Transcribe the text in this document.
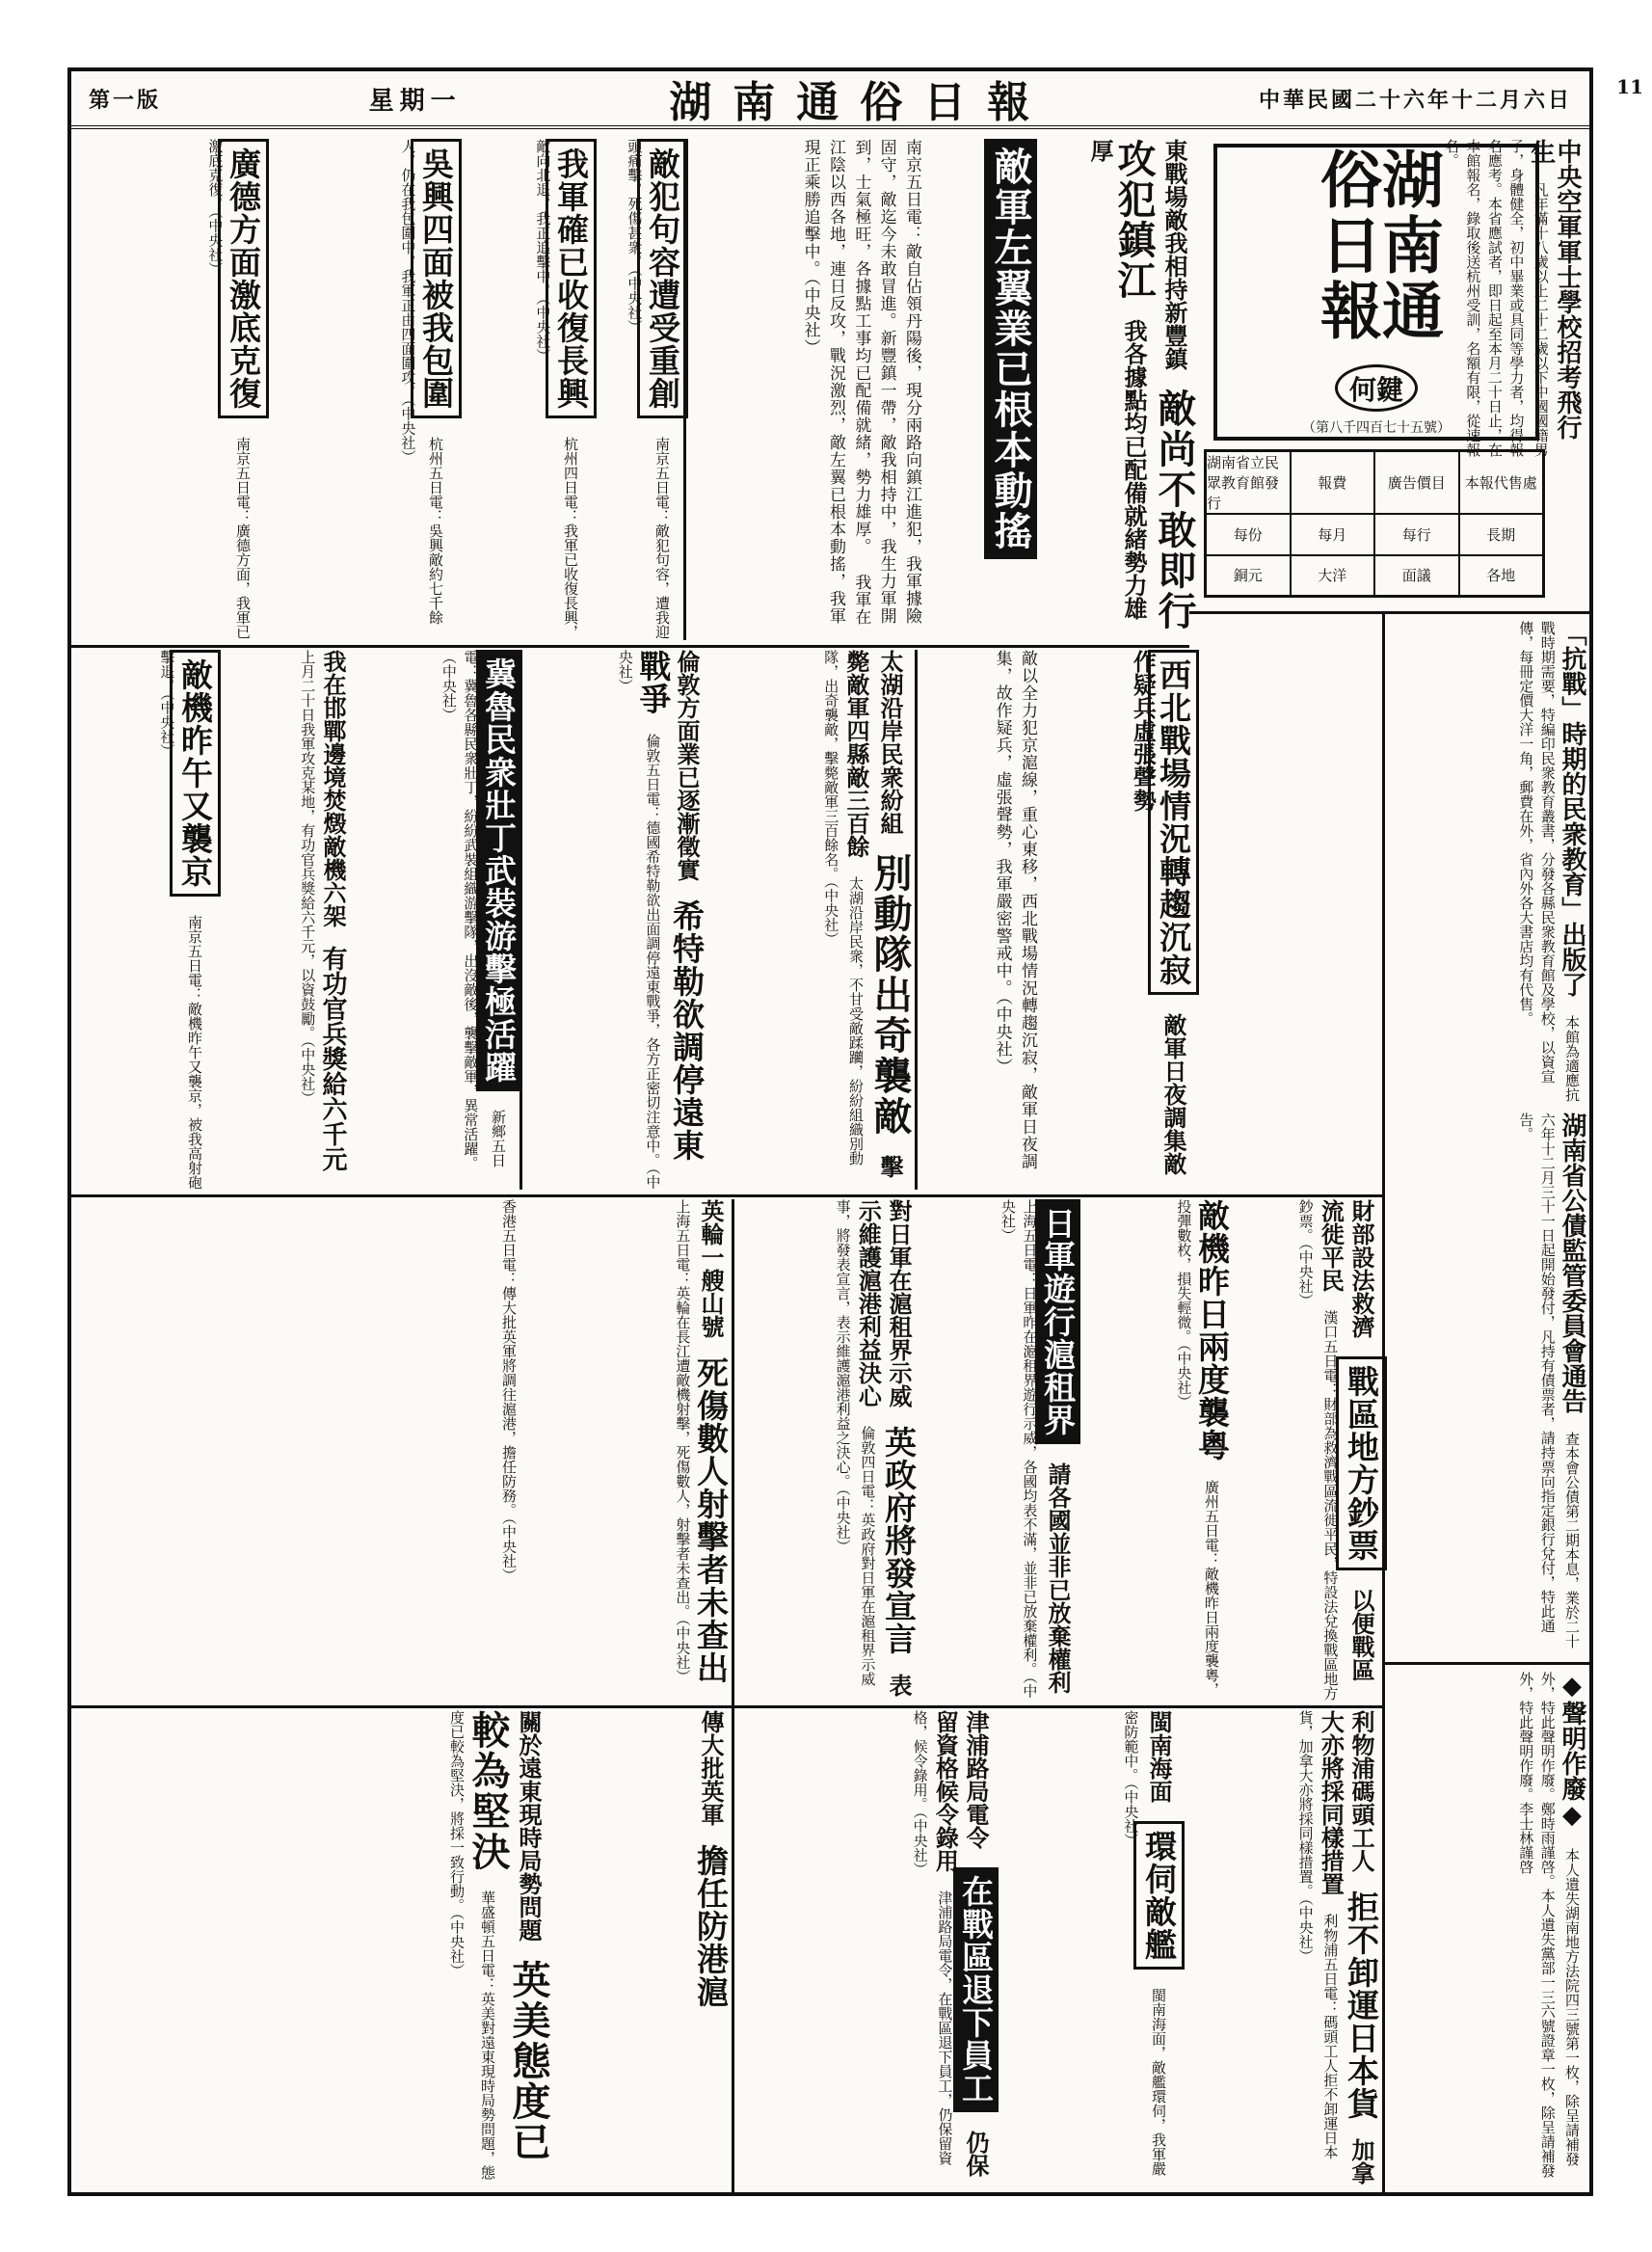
11
第一版	星期一	湖南通俗日報	中華民國二十六年十二月六日
中央空軍軍士學校招考飛行生 凡年滿十八歲以上二十二歲以下中國國籍男子，身體健全，初中畢業或具同等學力者，均得報名應考。本省應試者，即日起至本月二十日止，在本館報名，錄取後送杭州受訓，名額有限，從速報名。
湖南通俗日報
何鍵
（第八千四百七十五號）
湖南省立民眾教育館發行
報費	廣告價目	本報代售處
每份	每月	每行	長期
銅元	大洋	面議	各地
「抗戰」時期的民衆教育」出版了 本館為適應抗戰時期需要，特編印民衆教育叢書，分發各縣民衆教育館及學校，以資宣傳，每冊定價大洋一角，郵費在外，省內外各大書店均有代售。
湖南省公債監管委員會通告 查本會公債第二期本息，業於二十六年十二月三十一日起開始發付，凡持有債票者，請持票向指定銀行兌付，特此通告。
◆聲明作廢◆ 本人遺失湖南地方法院四三號第一枚，除呈請補發外，特此聲明作廢。鄭時雨謹啓。本人遺失黨部一三六號證章一枚，除呈請補發外，特此聲明作廢。李士林謹啓
東戰場敵我相持新豐鎮 敵尚不敢即行攻犯鎮江 我各據點均已配備就緒勢力雄厚
敵軍左翼業已根本動搖
南京五日電：敵自佔領丹陽後，現分兩路向鎮江進犯，我軍據險固守，敵迄今未敢冒進。新豐鎮一帶，敵我相持中，我生力軍開到，士氣極旺，各據點工事均已配備就緒，勢力雄厚。 我軍在江陰以西各地，連日反攻，戰況激烈，敵左翼已根本動搖，我軍現正乘勝追擊中。（中央社）
敵犯句容遭受重創 南京五日電：敵犯句容，遭我迎頭痛擊，死傷甚衆。（中央社）
我軍確已收復長興 杭州四日電：我軍已收復長興，敵向北退，我正追擊中。（中央社）
吳興四面被我包圍 杭州五日電：吳興敵約七千餘人，仍在我包圍中，我軍正由四面圍攻。（中央社）
廣德方面激底克復 南京五日電：廣德方面，我軍已激底克復。（中央社）
西北戰場情況轉趨沉寂 敵軍日夜調集敵作疑兵虛張聲勢
敵以全力犯京滬線，重心東移，西北戰場情況轉趨沉寂，敵軍日夜調集，故作疑兵，虛張聲勢，我軍嚴密警戒中。（中央社）
太湖沿岸民衆紛組 別動隊出奇襲敵 擊斃敵軍四縣敵三百餘 太湖沿岸民衆，不甘受敵蹂躪，紛紛組織別動隊，出奇襲敵，擊斃敵軍三百餘名。（中央社）
倫敦方面業已逐漸徵實 希特勒欲調停遠東戰爭 倫敦五日電：德國希特勒欲出面調停遠東戰爭，各方正密切注意中。（中央社）
冀魯民衆壯丁武裝游擊極活躍 新鄉五日電：冀魯各縣民衆壯丁，紛紛武裝組織游擊隊，出沒敵後，襲擊敵軍，異常活躍。（中央社）
我在邯鄲邊境焚燬敵機六架 有功官兵獎給六千元 上月二十日我軍攻克某地，有功官兵獎給六千元，以資鼓勵。（中央社）
敵機昨午又襲京 南京五日電：敵機昨午又襲京，被我高射砲擊退。（中央社）
財部設法救濟 戰區地方鈔票 以便戰區流徙平民 漢口五日電：財部為救濟戰區流徙平民，特設法兌換戰區地方鈔票。（中央社）
敵機昨日兩度襲粵 廣州五日電：敵機昨日兩度襲粵，投彈數枚，損失輕微。（中央社）
日軍遊行滬租界 請各國並非已放棄權利 上海五日電：日軍昨在滬租界遊行示威，各國均表不滿，並非已放棄權利。（中央社）
對日軍在滬租界示威 英政府將發宣言 表示維護滬港利益決心 倫敦四日電：英政府對日軍在滬租界示威事，將發表宣言，表示維護滬港利益之決心。（中央社）
英輪一艘山號 死傷數人射擊者未查出 上海五日電：英輪在長江遭敵機射擊，死傷數人，射擊者未查出。（中央社）
香港五日電：傳大批英軍將調往滬港，擔任防務。（中央社）
利物浦碼頭工人 拒不卸運日本貨 加拿大亦將採同樣措置 利物浦五日電：碼頭工人拒不卸運日本貨，加拿大亦將採同樣措置。（中央社）
閩南海面 環伺敵艦 閩南海面，敵艦環伺，我軍嚴密防範中。（中央社）
津浦路局電令 在戰區退下員工 仍保留資格候令錄用 津浦路局電令，在戰區退下員工，仍保留資格，候令錄用。（中央社）
傳大批英軍 擔任防港滬
關於遠東現時局勢問題 英美態度已較為堅決 華盛頓五日電：英美對遠東現時局勢問題，態度已較為堅決，將採一致行動。（中央社）
